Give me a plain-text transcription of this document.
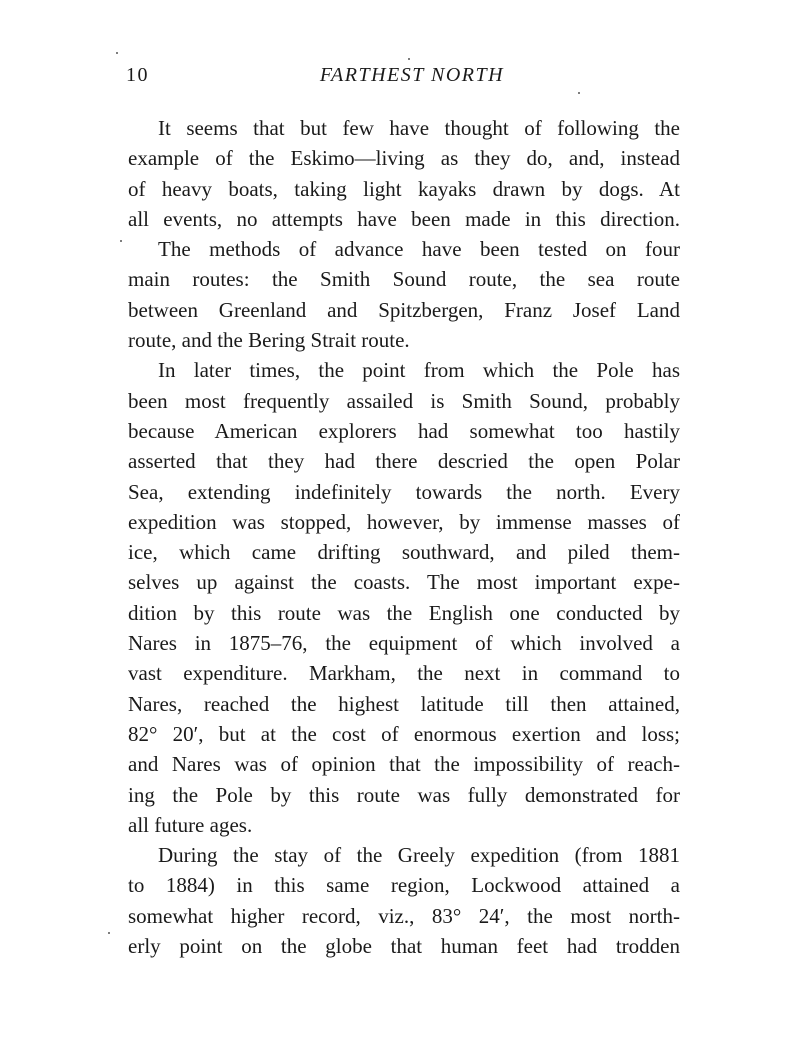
10	FARTHEST NORTH
It seems that but few have thought of following the
example of the Eskimo—living as they do, and, instead
of heavy boats, taking light kayaks drawn by dogs. At
all events, no attempts have been made in this direction.
The methods of advance have been tested on four
main routes: the Smith Sound route, the sea route
between Greenland and Spitzbergen, Franz Josef Land
route, and the Bering Strait route.
In later times, the point from which the Pole has
been most frequently assailed is Smith Sound, probably
because American explorers had somewhat too hastily
asserted that they had there descried the open Polar
Sea, extending indefinitely towards the north. Every
expedition was stopped, however, by immense masses of
ice, which came drifting southward, and piled them-
selves up against the coasts. The most important expe-
dition by this route was the English one conducted by
Nares in 1875–76, the equipment of which involved a
vast expenditure. Markham, the next in command to
Nares, reached the highest latitude till then attained,
82° 20′, but at the cost of enormous exertion and loss;
and Nares was of opinion that the impossibility of reach-
ing the Pole by this route was fully demonstrated for
all future ages.
During the stay of the Greely expedition (from 1881
to 1884) in this same region, Lockwood attained a
somewhat higher record, viz., 83° 24′, the most north-
erly point on the globe that human feet had trodden
